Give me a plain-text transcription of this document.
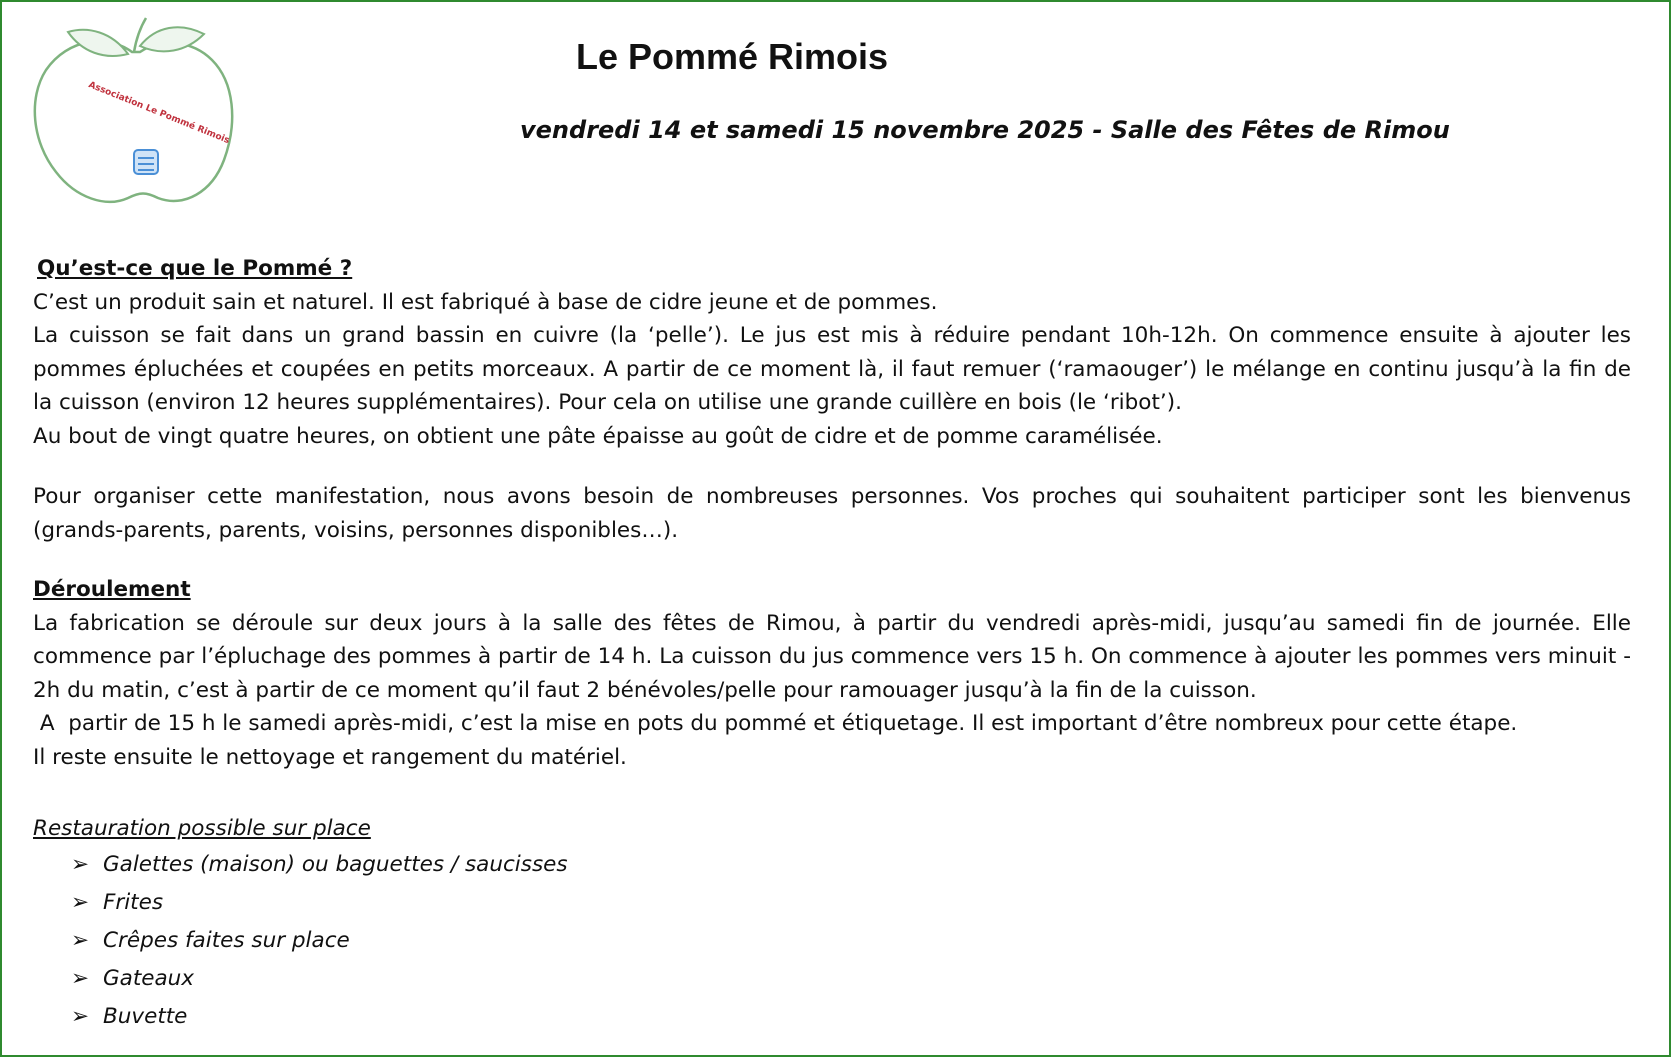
Association Le Pommé Rimois
Le Pommé Rimois
vendredi 14 et samedi 15 novembre 2025 - Salle des Fêtes de Rimou
Qu’est-ce que le Pommé ?

C’est un produit sain et naturel. Il est fabriqué à base de cidre jeune et de pommes.

La cuisson se fait dans un grand bassin en cuivre (la ‘pelle’). Le jus est mis à réduire pendant 10h-12h. On commence ensuite à ajouter les pommes épluchées et coupées en petits morceaux. A partir de ce moment là, il faut remuer (‘ramaouger’) le mélange en continu jusqu’à la fin de la cuisson (environ 12 heures supplémentaires). Pour cela on utilise une grande cuillère en bois (le ‘ribot’).

Au bout de vingt quatre heures, on obtient une pâte épaisse au goût de cidre et de pomme caramélisée.

Pour organiser cette manifestation, nous avons besoin de nombreuses personnes. Vos proches qui souhaitent participer sont les bienvenus (grands-parents, parents, voisins, personnes disponibles…).

Déroulement

La fabrication se déroule sur deux jours à la salle des fêtes de Rimou, à partir du vendredi après-midi, jusqu’au samedi fin de journée. Elle commence par l’épluchage des pommes à partir de 14 h. La cuisson du jus commence vers 15 h. On commence à ajouter les pommes vers minuit - 2h du matin, c’est à partir de ce moment qu’il faut 2 bénévoles/pelle pour ramouager jusqu’à la fin de la cuisson.

A  partir de 15 h le samedi après-midi, c’est la mise en pots du pommé et étiquetage. Il est important d’être nombreux pour cette étape.

Il reste ensuite le nettoyage et rangement du matériel.

Restauration possible sur place
➢ Galettes (maison) ou baguettes / saucisses
➢ Frites
➢ Crêpes faites sur place
➢ Gateaux
➢ Buvette
